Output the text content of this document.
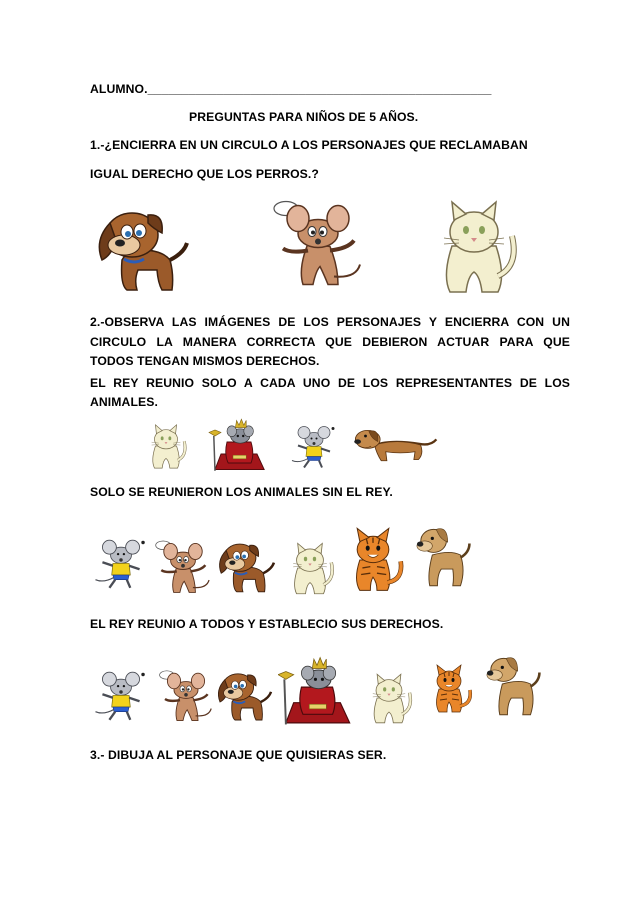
ALUMNO.__________________________________________________
PREGUNTAS PARA NIÑOS DE 5 AÑOS.
1.-¿ENCIERRA EN UN CIRCULO A LOS PERSONAJES QUE RECLAMABAN
IGUAL DERECHO QUE LOS PERROS.?
2.-OBSERVA LAS IMÁGENES DE LOS PERSONAJES Y ENCIERRA CON UN
CIRCULO LA MANERA CORRECTA QUE DEBIERON ACTUAR PARA QUE
TODOS TENGAN MISMOS DERECHOS.
EL REY REUNIO SOLO A CADA UNO DE LOS REPRESENTANTES DE LOS
ANIMALES.
SOLO SE REUNIERON LOS ANIMALES SIN EL REY.
EL REY REUNIO A TODOS Y ESTABLECIO SUS DERECHOS.
3.- DIBUJA AL PERSONAJE QUE QUISIERAS SER.
